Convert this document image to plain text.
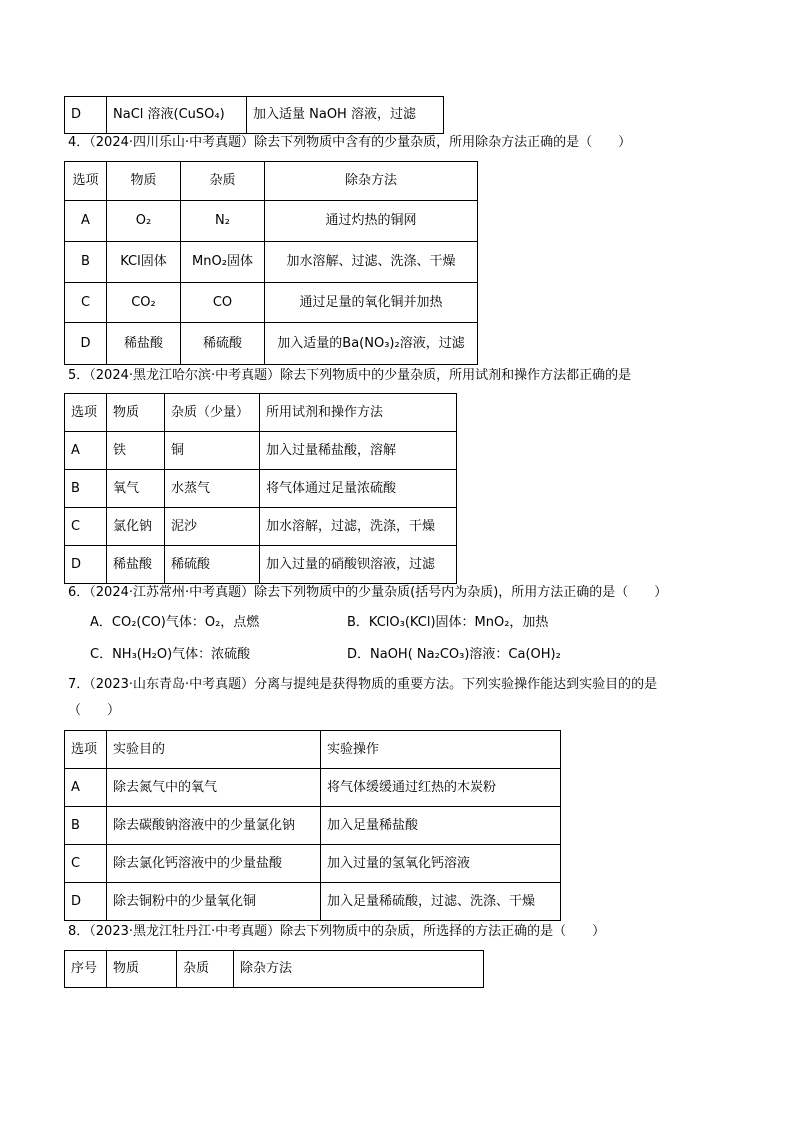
D	NaCl 溶液(CuSO₄)	加入适量 NaOH 溶液，过滤
4．（2024·四川乐山·中考真题）除去下列物质中含有的少量杂质，所用除杂方法正确的是（　　）
选项	物质	杂质	除杂方法
A	O₂	N₂	通过灼热的铜网
B	KCl固体	MnO₂固体	加水溶解、过滤、洗涤、干燥
C	CO₂	CO	通过足量的氧化铜并加热
D	稀盐酸	稀硫酸	加入适量的Ba(NO₃)₂溶液，过滤
5．（2024·黑龙江哈尔滨·中考真题）除去下列物质中的少量杂质，所用试剂和操作方法都正确的是
选项	物质	杂质（少量）	所用试剂和操作方法
A	铁	铜	加入过量稀盐酸，溶解
B	氧气	水蒸气	将气体通过足量浓硫酸
C	氯化钠	泥沙	加水溶解，过滤，洗涤，干燥
D	稀盐酸	稀硫酸	加入过量的硝酸钡溶液，过滤
6．（2024·江苏常州·中考真题）除去下列物质中的少量杂质(括号内为杂质)，所用方法正确的是（　　）
A．CO₂(CO)气体：O₂，点燃	B．KClO₃(KCl)固体：MnO₂，加热
C．NH₃(H₂O)气体：浓硫酸	D．NaOH( Na₂CO₃)溶液：Ca(OH)₂
7．（2023·山东青岛·中考真题）分离与提纯是获得物质的重要方法。下列实验操作能达到实验目的的是
（　　）
选项	实验目的	实验操作
A	除去氮气中的氧气	将气体缓缓通过红热的木炭粉
B	除去碳酸钠溶液中的少量氯化钠	加入足量稀盐酸
C	除去氯化钙溶液中的少量盐酸	加入过量的氢氧化钙溶液
D	除去铜粉中的少量氧化铜	加入足量稀硫酸，过滤、洗涤、干燥
8．（2023·黑龙江牡丹江·中考真题）除去下列物质中的杂质，所选择的方法正确的是（　　）
序号	物质	杂质	除杂方法
